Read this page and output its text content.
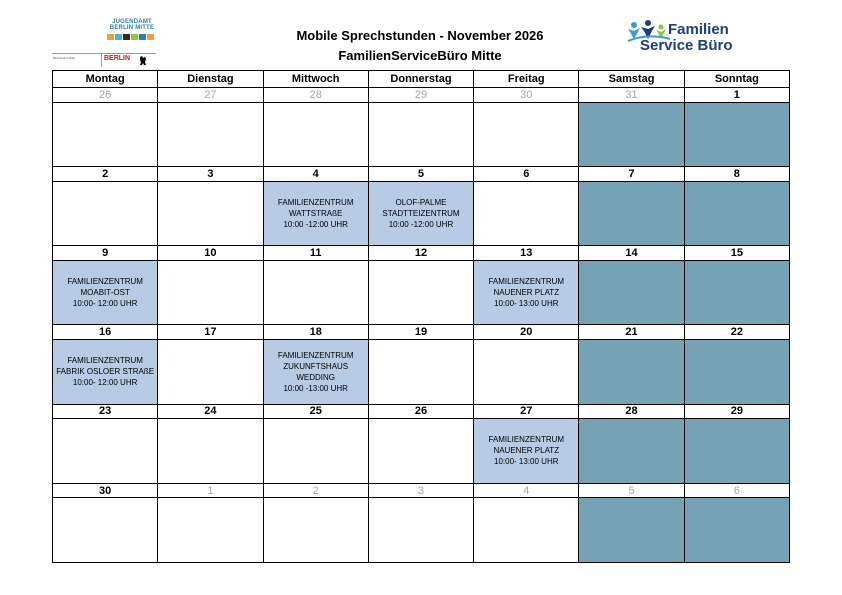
JUGENDAMT BERLIN MITTE
Bezirksamt Mitte	BERLIN
Mobile Sprechstunden - November 2026
FamilienServiceBüro Mitte
Familien
Service Büro
Montag	Dienstag	Mittwoch	Donnerstag	Freitag	Samstag	Sonntag
26	27	28	29	30	31	1

2	3	4	5	6	7	8

		FAMILIENZENTRUM
WATTSTRAßE
10:00 -12:00 UHR	OLOF-PALME
STADTTEIZENTRUM
10:00 -12:00 UHR			

9	10	11	12	13	14	15

FAMILIENZENTRUM
MOABIT-OST
10:00- 12:00 UHR				FAMILIENZENTRUM
NAUENER PLATZ
10:00- 13:00 UHR		

16	17	18	19	20	21	22

FAMILIENZENTRUM
FABRIK OSLOER STRAßE
10:00- 12:00 UHR		FAMILIENZENTRUM
ZUKUNFTSHAUS
WEDDING
10:00 -13:00 UHR				

23	24	25	26	27	28	29

				FAMILIENZENTRUM
NAUENER PLATZ
10:00- 13:00 UHR		

30	1	2	3	4	5	6
